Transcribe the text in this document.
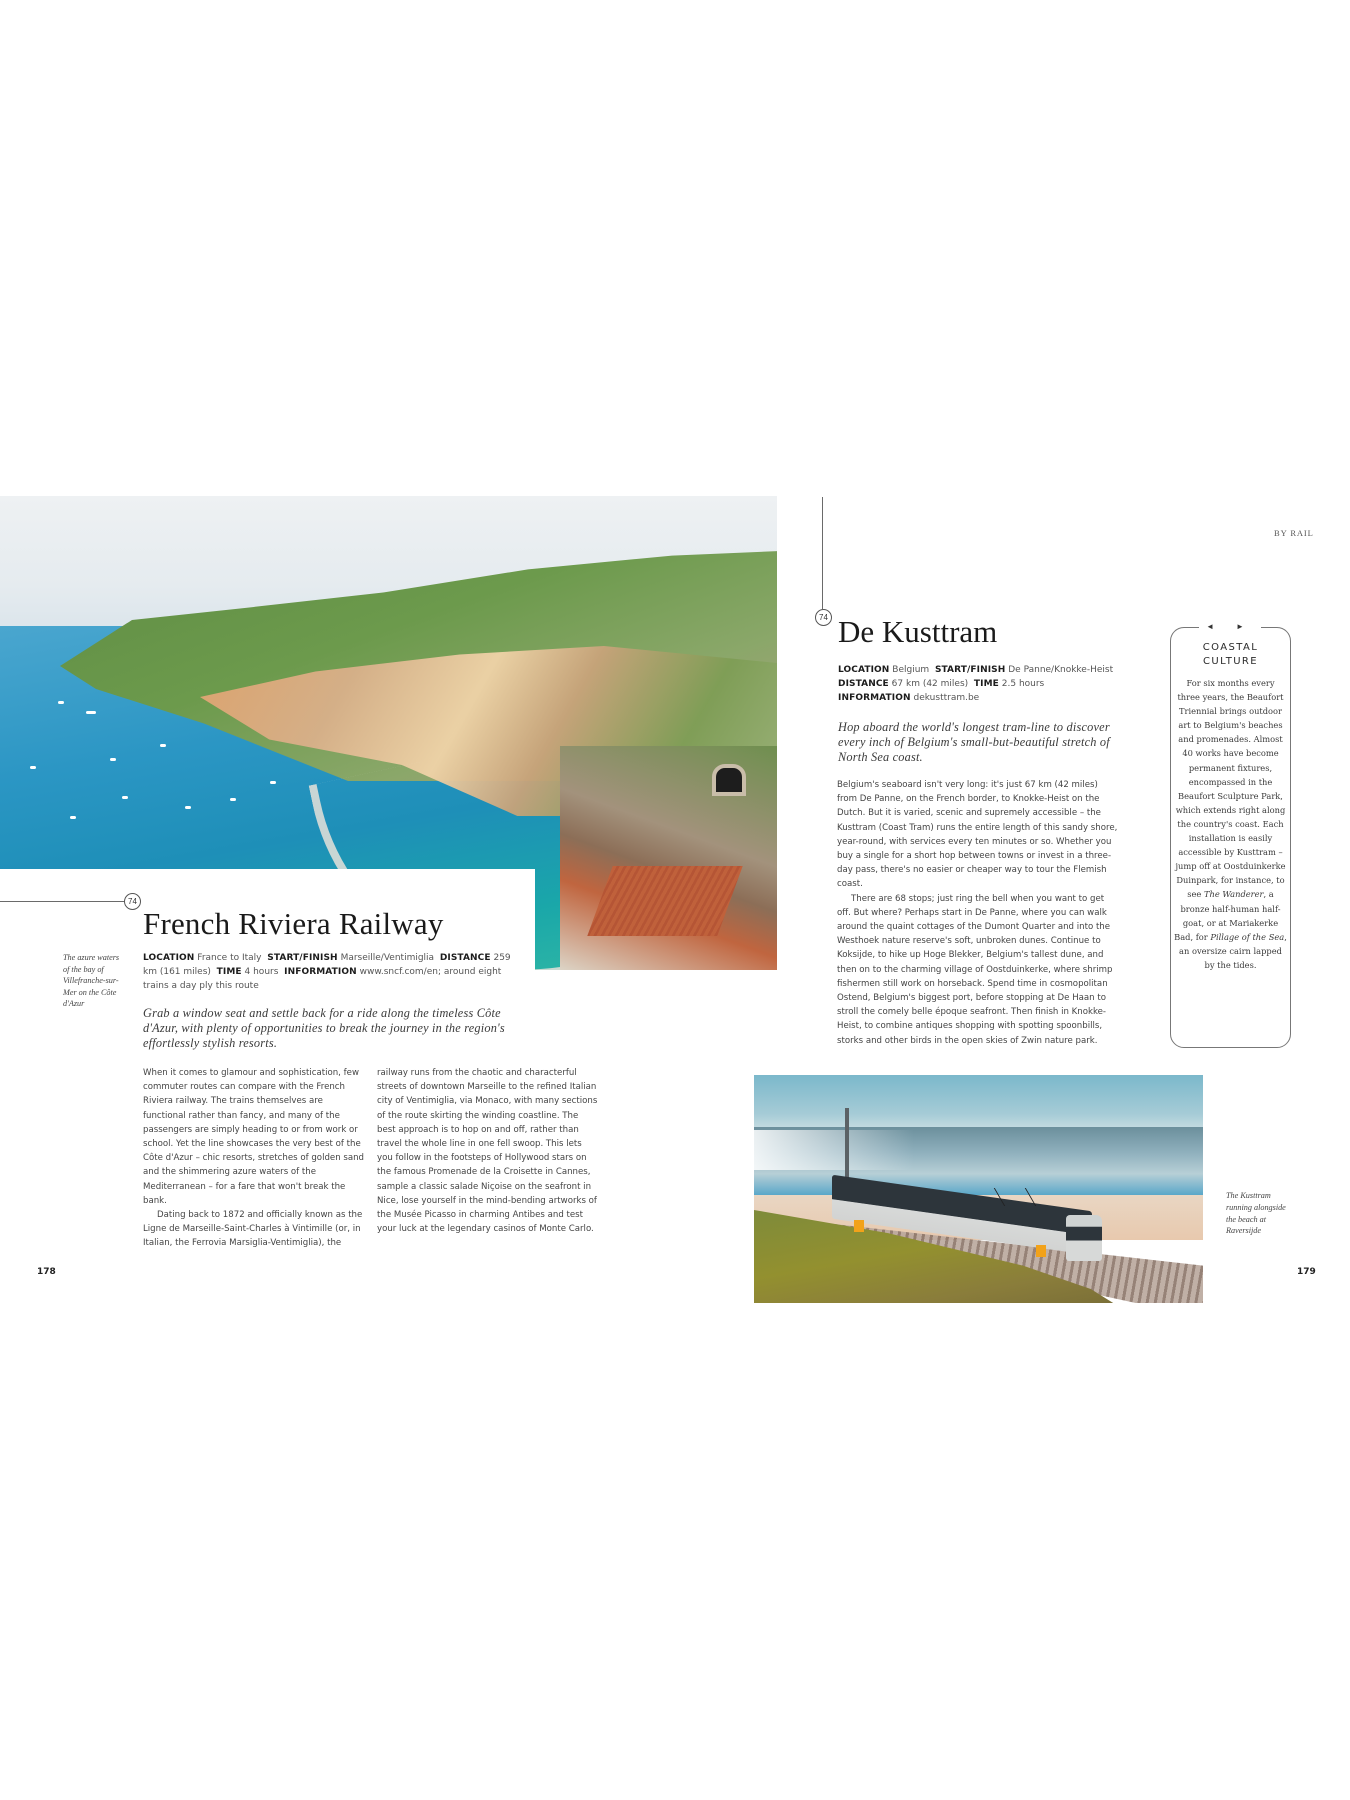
74
French Riviera Railway
The azure waters of the bay of Villefranche-sur-Mer on the Côte d'Azur
LOCATION France to Italy START/FINISH Marseille/Ventimiglia DISTANCE 259 km (161 miles) TIME 4 hours INFORMATION www.sncf.com/en; around eight trains a day ply this route
Grab a window seat and settle back for a ride along the timeless Côte d'Azur, with plenty of opportunities to break the journey in the region's effortlessly stylish resorts.

When it comes to glamour and sophistication, few commuter routes can compare with the French Riviera railway. The trains themselves are functional rather than fancy, and many of the passengers are simply heading to or from work or school. Yet the line showcases the very best of the Côte d'Azur – chic resorts, stretches of golden sand and the shimmering azure waters of the Mediterranean – for a fare that won't break the bank.

Dating back to 1872 and officially known as the Ligne de Marseille-Saint-Charles à Vintimille (or, in Italian, the Ferrovia Marsiglia-Ventimiglia), the

railway runs from the chaotic and characterful streets of downtown Marseille to the refined Italian city of Ventimiglia, via Monaco, with many sections of the route skirting the winding coastline. The best approach is to hop on and off, rather than travel the whole line in one fell swoop. This lets you follow in the footsteps of Hollywood stars on the famous Promenade de la Croisette in Cannes, sample a classic salade Niçoise on the seafront in Nice, lose yourself in the mind-bending artworks of the Musée Picasso in charming Antibes and test your luck at the legendary casinos of Monte Carlo.

178
BY RAIL
74 De Kusttram
LOCATION Belgium START/FINISH De Panne/Knokke-Heist DISTANCE 67 km (42 miles) TIME 2.5 hours  INFORMATION dekusttram.be
Hop aboard the world's longest tram-line to discover every inch of Belgium's small-but-beautiful stretch of North Sea coast.

Belgium's seaboard isn't very long: it's just 67 km (42 miles) from De Panne, on the French border, to Knokke-Heist on the Dutch. But it is varied, scenic and supremely accessible – the Kusttram (Coast Tram) runs the entire length of this sandy shore, year-round, with services every ten minutes or so. Whether you buy a single for a short hop between towns or invest in a three-day pass, there's no easier or cheaper way to tour the Flemish coast.

There are 68 stops; just ring the bell when you want to get off. But where? Perhaps start in De Panne, where you can walk around the quaint cottages of the Dumont Quarter and into the Westhoek nature reserve's soft, unbroken dunes. Continue to Koksijde, to hike up Hoge Blekker, Belgium's tallest dune, and then on to the charming village of Oostduinkerke, where shrimp fishermen still work on horseback. Spend time in cosmopolitan Ostend, Belgium's biggest port, before stopping at De Haan to stroll the comely belle époque seafront. Then finish in Knokke-Heist, to combine antiques shopping with spotting spoonbills, storks and other birds in the open skies of Zwin nature park.

◄ ►
COASTAL
CULTURE
For six months every three years, the Beaufort Triennial brings outdoor art to Belgium's beaches and promenades. Almost 40 works have become permanent fixtures, encompassed in the Beaufort Sculpture Park, which extends right along the country's coast. Each installation is easily accessible by Kusttram – jump off at Oostduinkerke Duinpark, for instance, to see The Wanderer, a bronze half-human half-goat, or at Mariakerke Bad, for Pillage of the Sea, an oversize cairn lapped by the tides.
The Kusttram running alongside the beach at Raversijde
179
